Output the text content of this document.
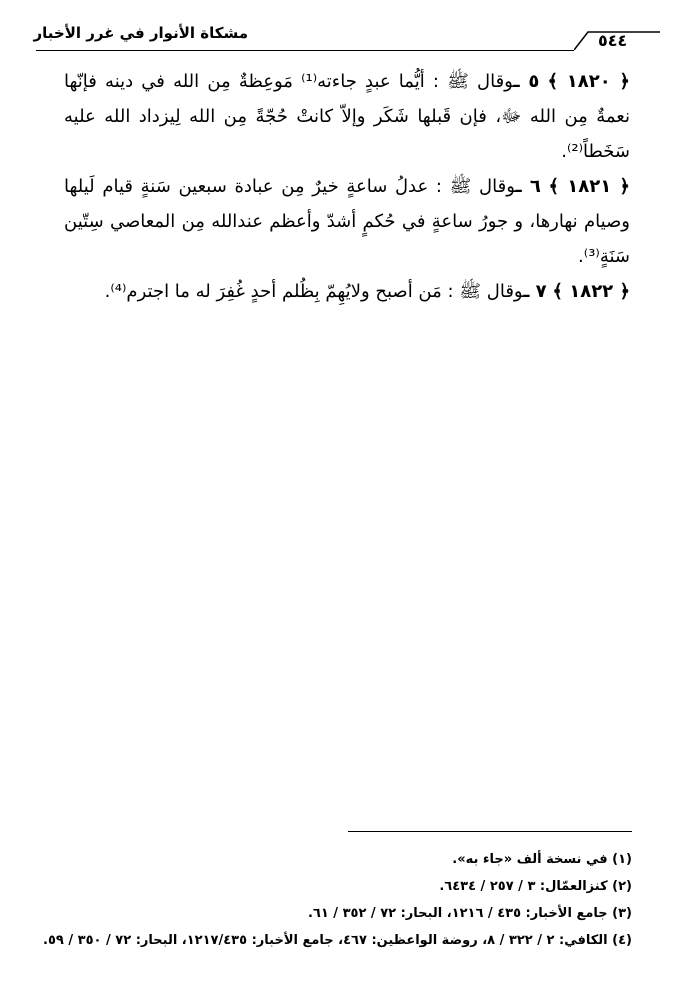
مشكاة الأنوار في غرر الأخبار	٥٤٤

﴿ ١٨٢٠ ﴾ ٥ ـوقال ﷺ : أيُّما عبدٍ جاءته⁽¹⁾ مَوعِظةٌ مِن الله في دينه فإنّها نعمةٌ مِن الله ﷻ، فإن قَبلها شَكَر وإلاّ كانتْ حُجّةً مِن الله لِيزداد الله عليه سَخَطاً⁽²⁾.

﴿ ١٨٢١ ﴾ ٦ ـوقال ﷺ : عدلُ ساعةٍ خيرٌ مِن عبادة سبعين سَنةٍ قيام لَيلها وصيام نهارها، و جورُ ساعةٍ في حُكمٍ أشدّ وأعظم عندالله مِن المعاصي سِتّين سَنَةٍ⁽³⁾.

﴿ ١٨٢٢ ﴾ ٧ ـوقال ﷺ : مَن أصبح ولايُهِمّ بِظُلم أحدٍ غُفِرَ له ما اجترم⁽⁴⁾.

(١) في نسخة ألف «جاء به».

(٢) كنزالعمّال: ٣ / ٢٥٧ / ٦٤٣٤.

(٣) جامع الأخبار: ٤٣٥ / ١٢١٦، البحار: ٧٢ / ٣٥٢ / ٦١.

(٤) الكافي: ٢ / ٣٢٢ / ٨، روضة الواعظين: ٤٦٧، جامع الأخبار: ١٢١٧/٤٣٥، البحار: ٧٢ / ٣٥٠ / ٥٩.
